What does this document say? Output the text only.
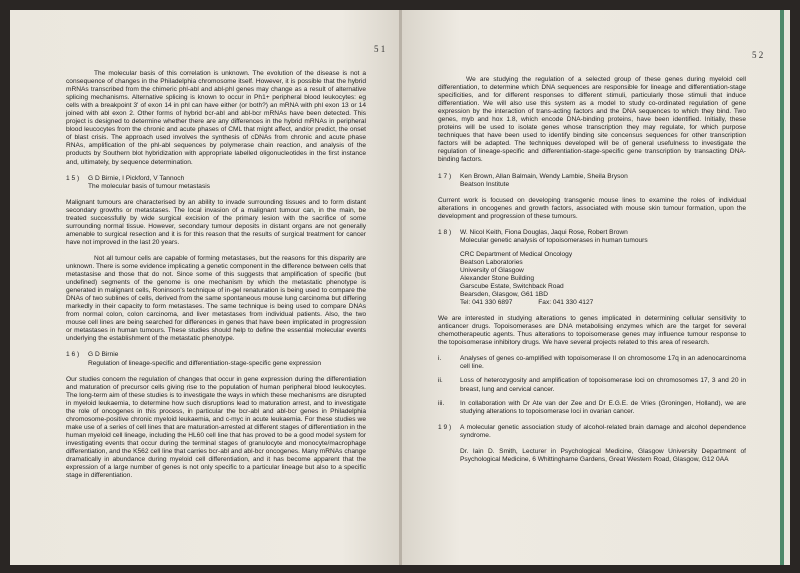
5 1

The molecular basis of this correlation is unknown. The evolution of the disease is not a consequence of changes in the Philadelphia chromosome itself. However, it is possible that the hybrid mRNAs transcribed from the chimeric phl-abl and abl-phl genes may change as a result of alternative splicing mechanisms. Alternative splicing is known to occur in Ph1+ peripheral blood leukocytes: eg cells with a breakpoint 3' of exon 14 in phl can have either (or both?) an mRNA with phl exon 13 or 14 joined with abl exon 2. Other forms of hybrid bcr-abl and abl-bcr mRNAs have been detected. This project is designed to determine whether there are any differences in the hybrid mRNAs in peripheral blood leucocytes from the chronic and acute phases of CML that might affect, and/or predict, the onset of blast crisis. The approach used involves the synthesis of cDNAs from chronic and acute phase RNAs, amplification of the phl-abl sequences by polymerase chain reaction, and analysis of the products by Southern blot hybridization with appropriate labelled oligonucleotides in the first instance and, ultimately, by sequence determination.

1 5 )	G D Birnie, I Pickford, V Tannoch
The molecular basis of tumour metastasis

Malignant tumours are characterised by an ability to invade surrounding tissues and to form distant secondary growths or metastases. The local invasion of a malignant tumour can, in the main, be treated successfully by wide surgical excision of the primary lesion with the sacrifice of some surrounding normal tissue. However, secondary tumour deposits in distant organs are not generally amenable to surgical resection and it is for this reason that the results of surgical treatment for cancer have not improved in the last 20 years.

Not all tumour cells are capable of forming metastases, but the reasons for this disparity are unknown. There is some evidence implicating a genetic component in the difference between cells that metastasise and those that do not. Since some of this suggests that amplification of specific (but undefined) segments of the genome is one mechanism by which the metastatic phenotype is generated in malignant cells, Roninson's technique of in-gel renaturation is being used to compare the DNAs of two sublines of cells, derived from the same spontaneous mouse lung carcinoma but differing markedly in their capacity to form metastases. The same technique is being used to compare DNAs from normal colon, colon carcinoma, and liver metastases from individual patients. Also, the two mouse cell lines are being searched for differences in genes that have been implicated in progression or metastases in human tumours. These studies should help to define the essential molecular events underlying the establishment of the metastatic phenotype.

1 6 )	G D Birnie
Regulation of lineage-specific and differentiation-stage-specific gene expression

Our studies concern the regulation of changes that occur in gene expression during the differentiation and maturation of precursor cells giving rise to the population of human peripheral blood leukocytes. The long-term aim of these studies is to investigate the ways in which these mechanisms are disrupted in myeloid leukaemia, to determine how such disruptions lead to maturation arrest, and to investigate the role of oncogenes in this process, in particular the bcr-abl and abl-bcr genes in Philadelphia chromosome-positive chronic myeloid leukaemia, and c-myc in acute leukaemia. For these studies we make use of a series of cell lines that are maturation-arrested at different stages of differentiation in the human myeloid cell lineage, including the HL60 cell line that has proved to be a good model system for investigating events that occur during the terminal stages of granulocyte and monocyte/macrophage differentiation, and the K562 cell line that carries bcr-abl and abl-bcr oncogenes. Many mRNAs change dramatically in abundance during myeloid cell differentiation, and it has become apparent that the expression of a large number of genes is not only specific to a particular lineage but also to a specific stage in differentiation.

5 2

We are studying the regulation of a selected group of these genes during myeloid cell differentiation, to determine which DNA sequences are responsible for lineage and differentiation-stage specificities, and for different responses to different stimuli, particularly those stimuli that induce differentiation. We will also use this system as a model to study co-ordinated regulation of gene expression by the interaction of trans-acting factors and the DNA sequences to which they bind. Two genes, myb and hox 1.8, which encode DNA-binding proteins, have been identified. Initially, these proteins will be used to isolate genes whose transcription they may regulate, for which purpose techniques that have been used to identify binding site concensus sequences for other transcription factors will be adapted. The techniques developed will be of general usefulness to investigate the regulation of lineage-specific and differentiation-stage-specific gene transcription by transacting DNA-binding factors.

1 7 )	Ken Brown, Allan Balmain, Wendy Lambie, Sheila Bryson
Beatson Institute

Current work is focused on developing transgenic mouse lines to examine the roles of individual alterations in oncogenes and growth factors, associated with mouse skin tumour formation, upon the development and progression of these tumours.

1 8 )	W. Nicol Keith, Fiona Douglas, Jaqui Rose, Robert Brown
Molecular genetic analysis of topoisomerases in human tumours
CRC Department of Medical Oncology
Beatson Laboratories
University of Glasgow
Alexander Stone Building
Garscube Estate, Switchback Road
Bearsden, Glasgow, G61 1BD
Tel: 041 330 6897	Fax: 041 330 4127

We are interested in studying alterations to genes implicated in determining cellular sensitivity to anticancer drugs. Topoisomerases are DNA metabolising enzymes which are the target for several chemotherapeutic agents. Thus alterations to topoisomerase genes may influence tumour response to the topoisomerase inhibitory drugs. We have several projects related to this area of research.

i.	Analyses of genes co-amplified with topoisomerase II on chromosome 17q in an adenocarcinoma cell line.
ii.	Loss of heterozygosity and amplification of topoisomerase loci on chromosomes 17, 3 and 20 in breast, lung and cervical cancer.
iii.	In collaboration with Dr Ate van der Zee and Dr E.G.E. de Vries (Groningen, Holland), we are studying alterations to topoisomerase loci in ovarian cancer.
1 9 )	A molecular genetic association study of alcohol-related brain damage and alcohol dependence syndrome.

Dr. Iain D. Smith, Lecturer in Psychological Medicine, Glasgow University Department of Psychological Medicine, 6 Whittinghame Gardens, Great Western Road, Glasgow, G12 0AA
